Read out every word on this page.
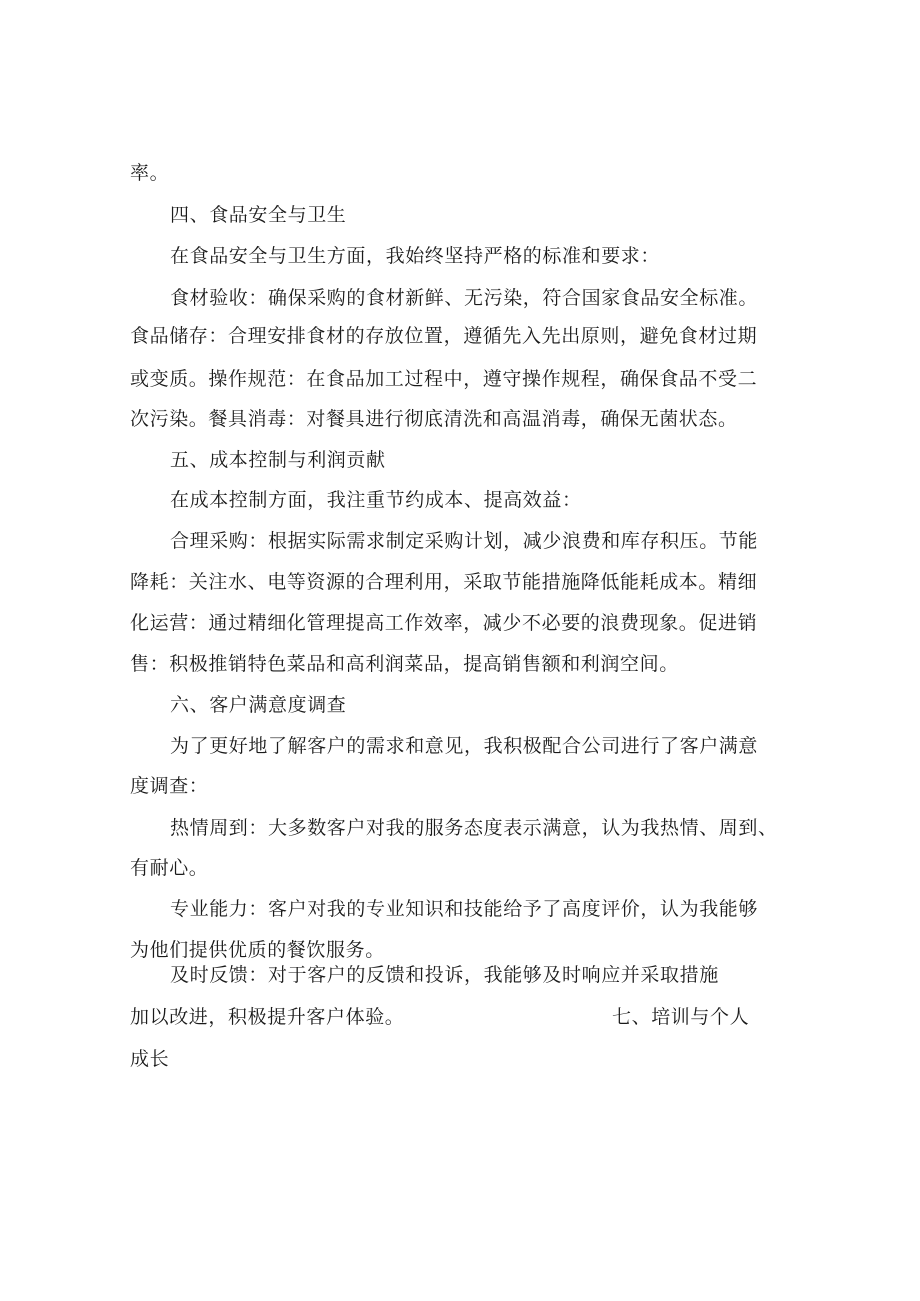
率。
四、食品安全与卫生
在食品安全与卫生方面，我始终坚持严格的标准和要求：
食材验收：确保采购的食材新鲜、无污染，符合国家食品安全标准。
食品储存：合理安排食材的存放位置，遵循先入先出原则，避免食材过期
或变质。操作规范：在食品加工过程中，遵守操作规程，确保食品不受二
次污染。餐具消毒：对餐具进行彻底清洗和高温消毒，确保无菌状态。
五、成本控制与利润贡献
在成本控制方面，我注重节约成本、提高效益：
合理采购：根据实际需求制定采购计划，减少浪费和库存积压。节能
降耗：关注水、电等资源的合理利用，采取节能措施降低能耗成本。精细
化运营：通过精细化管理提高工作效率，减少不必要的浪费现象。促进销
售：积极推销特色菜品和高利润菜品，提高销售额和利润空间。
六、客户满意度调查
为了更好地了解客户的需求和意见，我积极配合公司进行了客户满意
度调查：
热情周到：大多数客户对我的服务态度表示满意，认为我热情、周到、
有耐心。
专业能力：客户对我的专业知识和技能给予了高度评价，认为我能够
为他们提供优质的餐饮服务。
及时反馈：对于客户的反馈和投诉，我能够及时响应并采取措施
加以改进，积极提升客户体验。	七、培训与个人
成长
